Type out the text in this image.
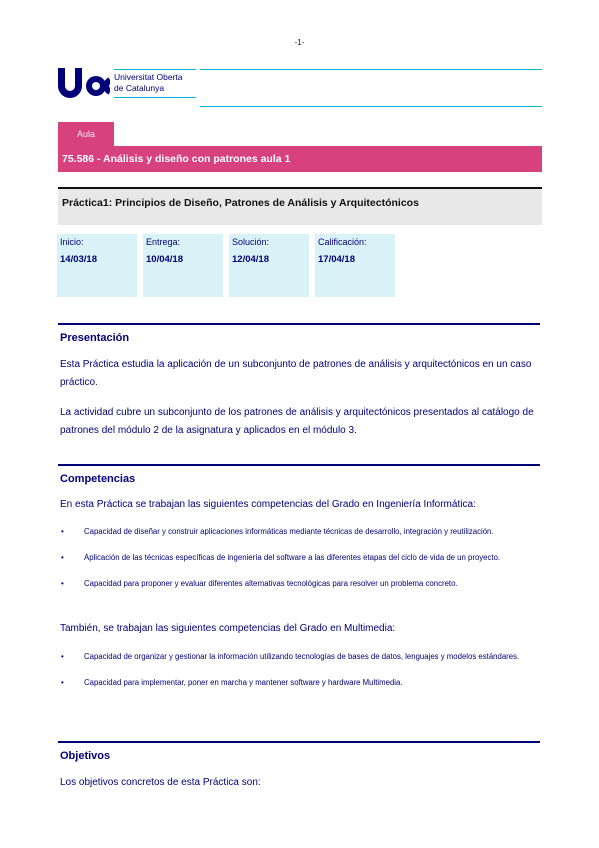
-1-
Universitat Oberta
de Catalunya
Aula
75.586 - Análisis y diseño con patrones aula 1
Práctica1: Principios de Diseño, Patrones de Análisis y Arquitectónicos
Inicio:
14/03/18
Entrega:
10/04/18
Solución:
12/04/18
Calificación:
17/04/18
Presentación
Esta Práctica estudia la aplicación de un subconjunto de patrones de análisis y arquitectónicos en un caso práctico.
La actividad cubre un subconjunto de los patrones de análisis y arquitectónicos presentados al catálogo de patrones del módulo 2 de la asignatura y aplicados en el módulo 3.
Competencias
En esta Práctica se trabajan las siguientes competencias del Grado en Ingeniería Informática:
•	Capacidad de diseñar y construir aplicaciones informáticas mediante técnicas de desarrollo, integración y reutilización.
•	Aplicación de las técnicas específicas de ingeniería del software a las diferentes etapas del ciclo de vida de un proyecto.
•	Capacidad para proponer y evaluar diferentes alternativas tecnológicas para resolver un problema concreto.
También, se trabajan las siguientes competencias del Grado en Multimedia:
•	Capacidad de organizar y gestionar la información utilizando tecnologías de bases de datos, lenguajes y modelos estándares.
•	Capacidad para implementar, poner en marcha y mantener software y hardware Multimedia.
Objetivos
Los objetivos concretos de esta Práctica son:
